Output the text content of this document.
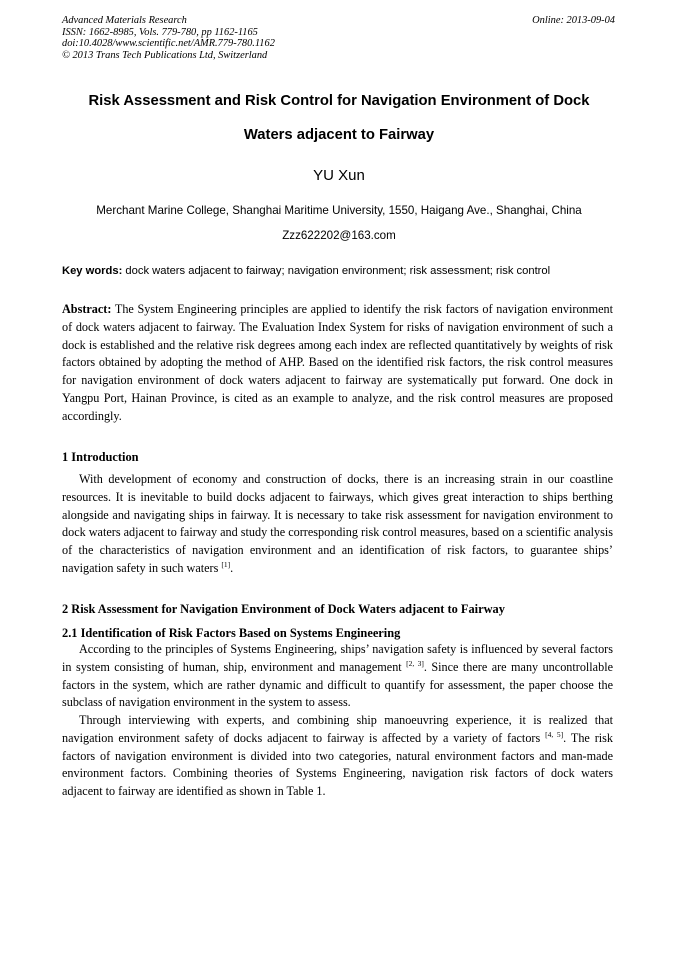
Advanced Materials Research
ISSN: 1662-8985, Vols. 779-780, pp 1162-1165
doi:10.4028/www.scientific.net/AMR.779-780.1162
© 2013 Trans Tech Publications Ltd, Switzerland
Online: 2013-09-04
Risk Assessment and Risk Control for Navigation Environment of Dock
Waters adjacent to Fairway
YU Xun
Merchant Marine College, Shanghai Maritime University, 1550, Haigang Ave., Shanghai, China
Zzz622202@163.com
Key words: dock waters adjacent to fairway; navigation environment; risk assessment; risk control
Abstract: The System Engineering principles are applied to identify the risk factors of navigation environment of dock waters adjacent to fairway. The Evaluation Index System for risks of navigation environment of such a dock is established and the relative risk degrees among each index are reflected quantitatively by weights of risk factors obtained by adopting the method of AHP. Based on the identified risk factors, the risk control measures for navigation environment of dock waters adjacent to fairway are systematically put forward. One dock in Yangpu Port, Hainan Province, is cited as an example to analyze, and the risk control measures are proposed accordingly.
1 Introduction
With development of economy and construction of docks, there is an increasing strain in our coastline resources. It is inevitable to build docks adjacent to fairways, which gives great interaction to ships berthing alongside and navigating ships in fairway. It is necessary to take risk assessment for navigation environment to dock waters adjacent to fairway and study the corresponding risk control measures, based on a scientific analysis of the characteristics of navigation environment and an identification of risk factors, to guarantee ships’ navigation safety in such waters [1].
2 Risk Assessment for Navigation Environment of Dock Waters adjacent to Fairway
2.1 Identification of Risk Factors Based on Systems Engineering
According to the principles of Systems Engineering, ships’ navigation safety is influenced by several factors in system consisting of human, ship, environment and management [2, 3]. Since there are many uncontrollable factors in the system, which are rather dynamic and difficult to quantify for assessment, the paper choose the subclass of navigation environment in the system to assess.
Through interviewing with experts, and combining ship manoeuvring experience, it is realized that navigation environment safety of docks adjacent to fairway is affected by a variety of factors [4, 5]. The risk factors of navigation environment is divided into two categories, natural environment factors and man-made environment factors. Combining theories of Systems Engineering, navigation risk factors of dock waters adjacent to fairway are identified as shown in Table 1.
